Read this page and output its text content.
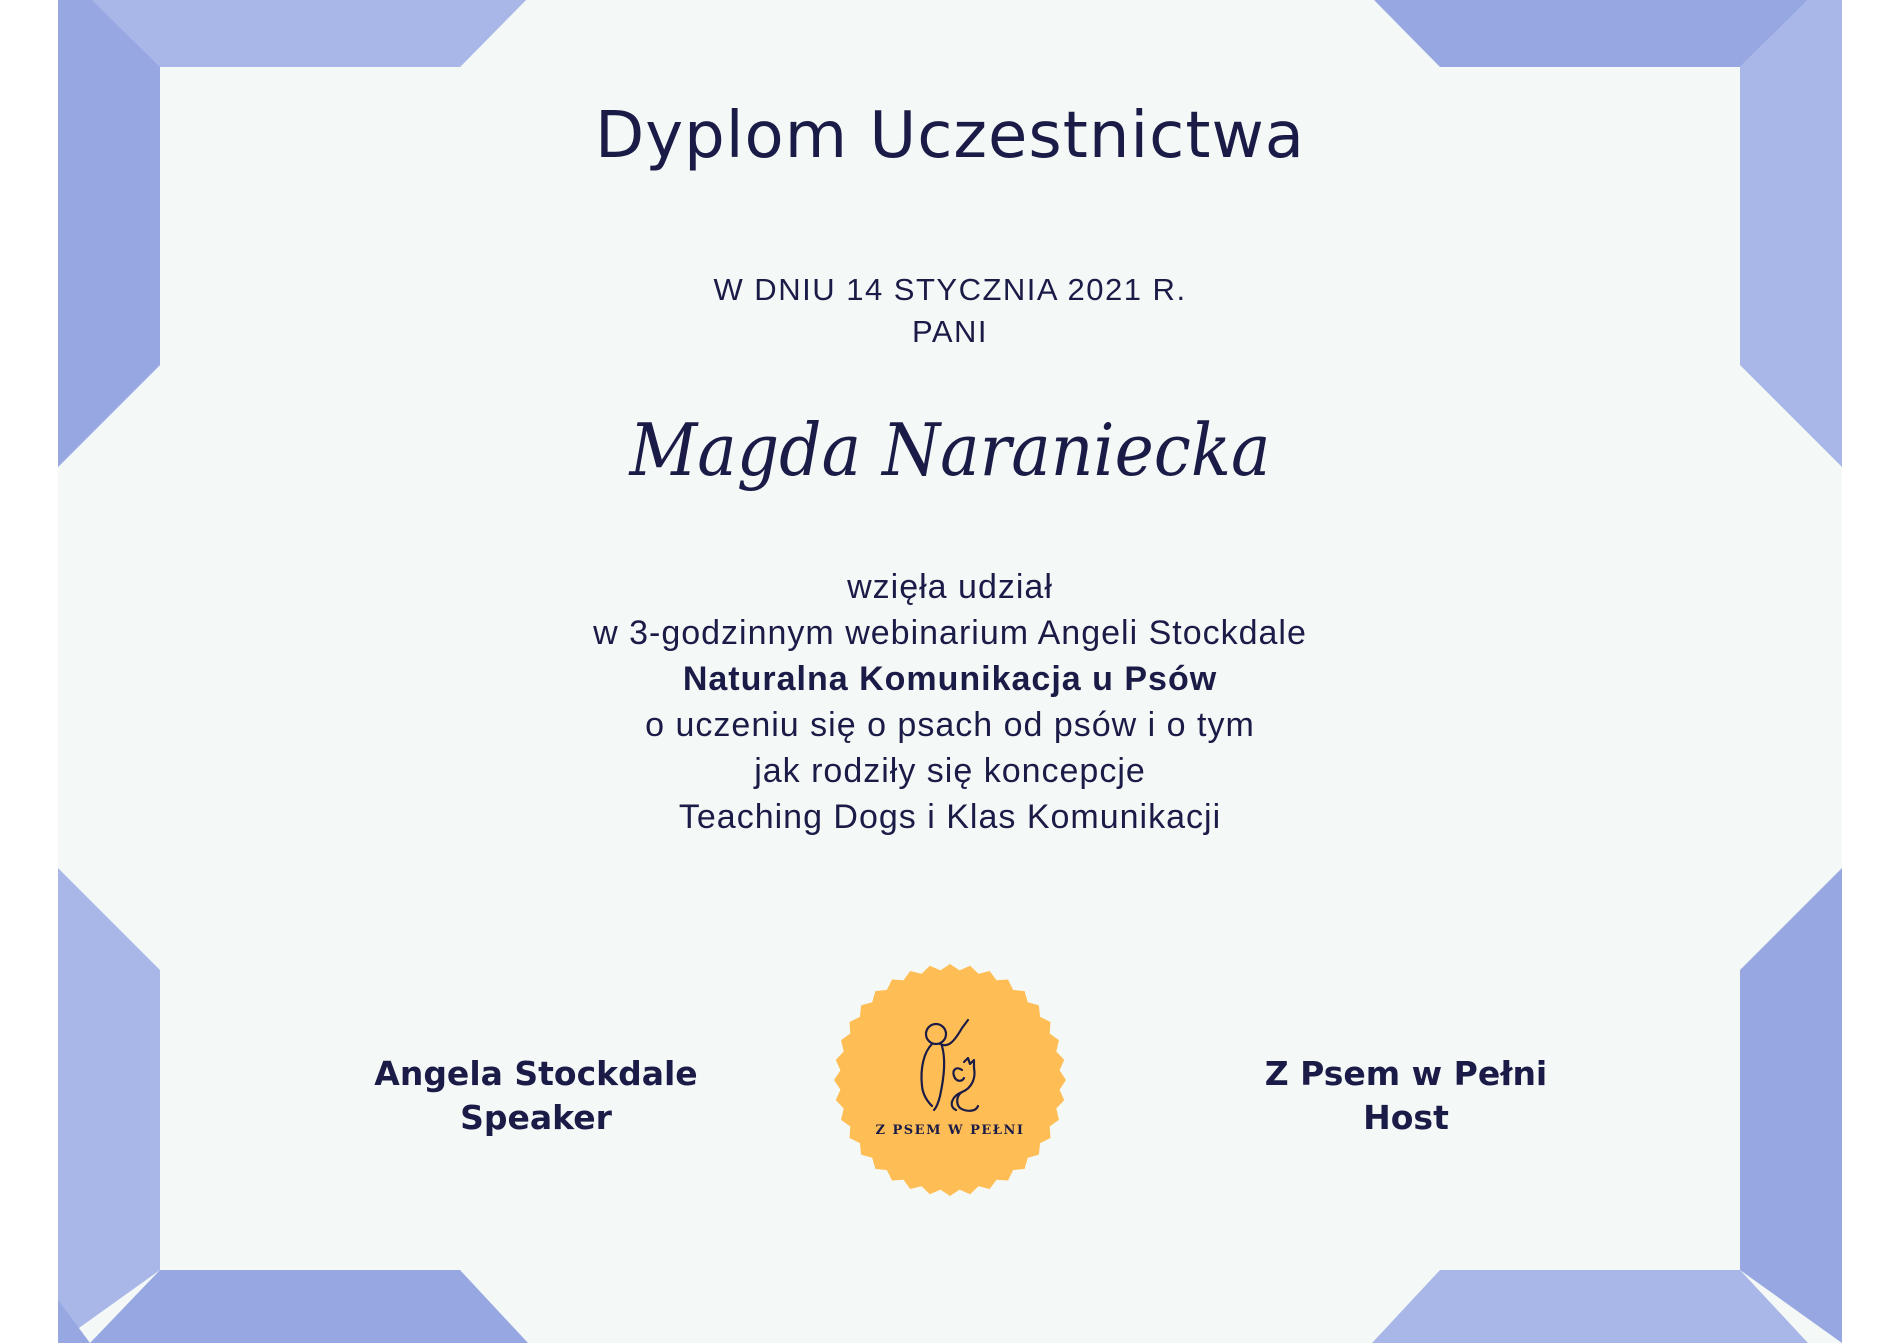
Dyplom Uczestnictwa
W DNIU 14 STYCZNIA 2021 R.
PANI
Magda Naraniecka
wzięła udział
w 3-godzinnym webinarium Angeli Stockdale
Naturalna Komunikacja u Psów
o uczeniu się o psach od psów i o tym
jak rodziły się koncepcje
Teaching Dogs i Klas Komunikacji
Angela Stockdale
Speaker
Z Psem w Pełni
Host
Z PSEM W PEŁNI
